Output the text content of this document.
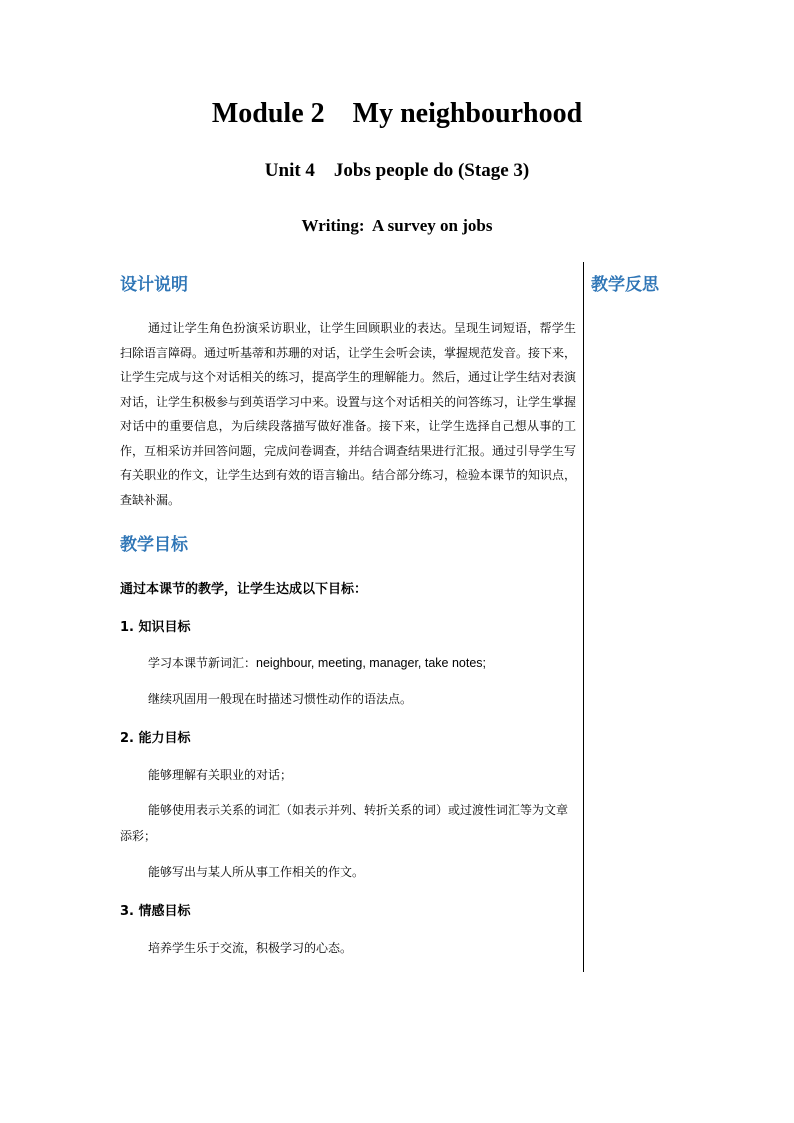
Module 2    My neighbourhood
Unit 4    Jobs people do (Stage 3)
Writing:  A survey on jobs
设计说明	教学反思

通过让学生角色扮演采访职业，让学生回顾职业的表达。呈现生词短语，帮学生扫除语言障碍。通过听基蒂和苏珊的对话，让学生会听会读，掌握规范发音。接下来，让学生完成与这个对话相关的练习，提高学生的理解能力。然后，通过让学生结对表演对话，让学生积极参与到英语学习中来。设置与这个对话相关的问答练习，让学生掌握对话中的重要信息，为后续段落描写做好准备。接下来，让学生选择自己想从事的工作，互相采访并回答问题，完成问卷调查，并结合调查结果进行汇报。通过引导学生写有关职业的作文，让学生达到有效的语言输出。结合部分练习，检验本课节的知识点，查缺补漏。

教学目标
通过本课节的教学，让学生达成以下目标：
1. 知识目标

学习本课节新词汇：neighbour, meeting, manager, take notes;

继续巩固用一般现在时描述习惯性动作的语法点。

2. 能力目标

能够理解有关职业的对话；

能够使用表示关系的词汇（如表示并列、转折关系的词）或过渡性词汇等为文章添彩；

能够写出与某人所从事工作相关的作文。

3. 情感目标

培养学生乐于交流，积极学习的心态。
